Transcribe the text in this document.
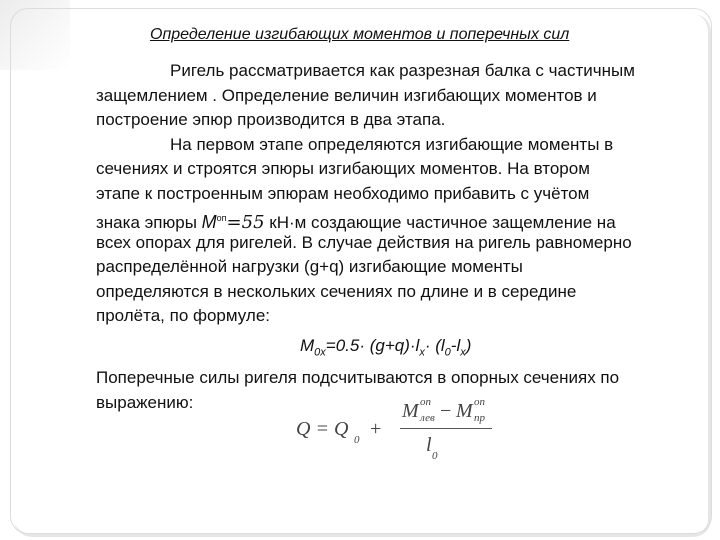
Определение изгибающих моментов и поперечных сил
Ригель рассматривается как разрезная балка с частичным
защемлением . Определение величин изгибающих моментов и
построение эпюр производится в два этапа.
На первом этапе определяются изгибающие моменты в
сечениях и строятся эпюры изгибающих моментов. На втором
этапе к построенным эпюрам необходимо прибавить с учётом
знака эпюры $M^{оп}=55$ кН·м создающие частичное защемление на
всех опорах для ригелей. В случае действия на ригель равномерно
распределённой нагрузки (g+q) изгибающие моменты
определяются в нескольких сечениях по длине и в середине
пролёта, по формуле:
$M_{0x}=0.5\cdot (g+q)\cdot l_x\cdot (l_0-l_x)$
Поперечные силы ригеля подсчитываются в опорных сечениях по
выражению:
Q = Q 0 +
M оп
лев − M оп
пр
l 0
